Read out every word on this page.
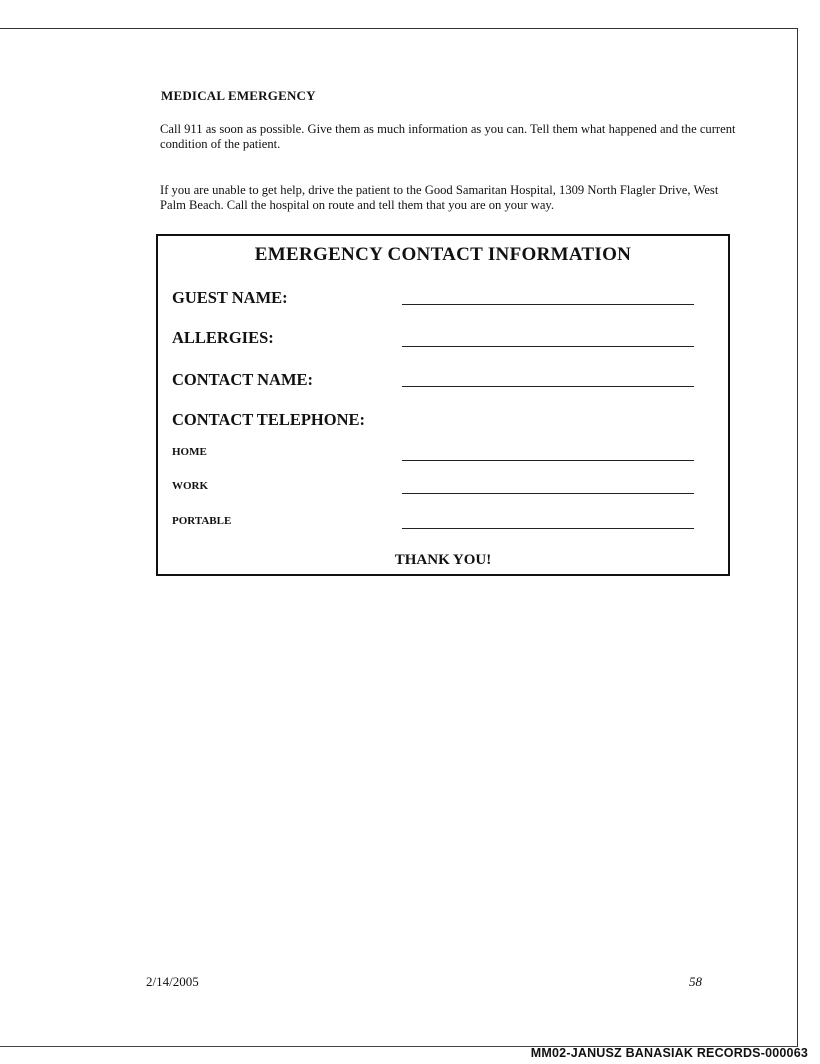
MEDICAL EMERGENCY
Call 911 as soon as possible. Give them as much information as you can. Tell them what happened and the current condition of the patient.
If you are unable to get help, drive the patient to the Good Samaritan Hospital, 1309 North Flagler Drive, West Palm Beach. Call the hospital on route and tell them that you are on your way.
EMERGENCY CONTACT INFORMATION
GUEST NAME:
ALLERGIES:
CONTACT NAME:
CONTACT TELEPHONE:
HOME
WORK
PORTABLE
THANK YOU!
2/14/2005	58
MM02-JANUSZ BANASIAK RECORDS-000063
